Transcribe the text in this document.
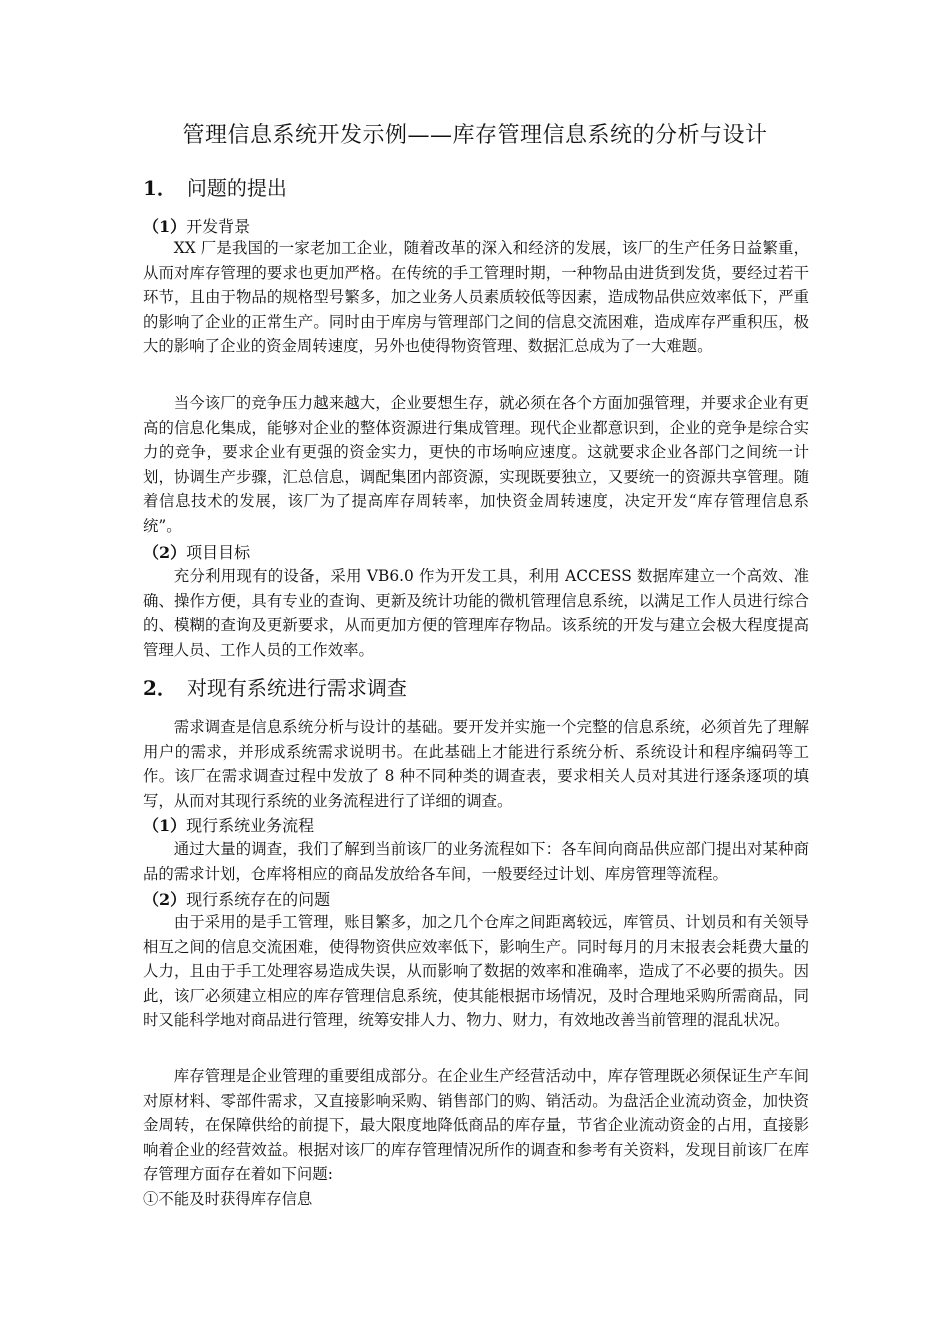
管理信息系统开发示例——库存管理信息系统的分析与设计
1． 问题的提出
（1）开发背景
XX 厂是我国的一家老加工企业，随着改革的深入和经济的发展，该厂的生产任务日益繁重，从而对库存管理的要求也更加严格。在传统的手工管理时期，一种物品由进货到发货，要经过若干环节，且由于物品的规格型号繁多，加之业务人员素质较低等因素，造成物品供应效率低下，严重的影响了企业的正常生产。同时由于库房与管理部门之间的信息交流困难，造成库存严重积压，极大的影响了企业的资金周转速度，另外也使得物资管理、数据汇总成为了一大难题。
当今该厂的竞争压力越来越大，企业要想生存，就必须在各个方面加强管理，并要求企业有更高的信息化集成，能够对企业的整体资源进行集成管理。现代企业都意识到，企业的竞争是综合实力的竞争，要求企业有更强的资金实力，更快的市场响应速度。这就要求企业各部门之间统一计划，协调生产步骤，汇总信息，调配集团内部资源，实现既要独立，又要统一的资源共享管理。随着信息技术的发展，该厂为了提高库存周转率，加快资金周转速度，决定开发“库存管理信息系统”。
（2）项目目标
充分利用现有的设备，采用 VB6.0 作为开发工具，利用 ACCESS 数据库建立一个高效、准确、操作方便，具有专业的查询、更新及统计功能的微机管理信息系统，以满足工作人员进行综合的、模糊的查询及更新要求，从而更加方便的管理库存物品。该系统的开发与建立会极大程度提高管理人员、工作人员的工作效率。
2． 对现有系统进行需求调查
需求调查是信息系统分析与设计的基础。要开发并实施一个完整的信息系统，必须首先了理解用户的需求，并形成系统需求说明书。在此基础上才能进行系统分析、系统设计和程序编码等工作。该厂在需求调查过程中发放了 8 种不同种类的调查表，要求相关人员对其进行逐条逐项的填写，从而对其现行系统的业务流程进行了详细的调查。
（1）现行系统业务流程
通过大量的调查，我们了解到当前该厂的业务流程如下：各车间向商品供应部门提出对某种商品的需求计划，仓库将相应的商品发放给各车间，一般要经过计划、库房管理等流程。
（2）现行系统存在的问题
由于采用的是手工管理，账目繁多，加之几个仓库之间距离较远，库管员、计划员和有关领导相互之间的信息交流困难，使得物资供应效率低下，影响生产。同时每月的月末报表会耗费大量的人力，且由于手工处理容易造成失误，从而影响了数据的效率和准确率，造成了不必要的损失。因此，该厂必须建立相应的库存管理信息系统，使其能根据市场情况，及时合理地采购所需商品，同时又能科学地对商品进行管理，统筹安排人力、物力、财力，有效地改善当前管理的混乱状况。
库存管理是企业管理的重要组成部分。在企业生产经营活动中，库存管理既必须保证生产车间对原材料、零部件需求，又直接影响采购、销售部门的购、销活动。为盘活企业流动资金，加快资金周转，在保障供给的前提下，最大限度地降低商品的库存量，节省企业流动资金的占用，直接影响着企业的经营效益。根据对该厂的库存管理情况所作的调查和参考有关资料，发现目前该厂在库存管理方面存在着如下问题:
①不能及时获得库存信息
